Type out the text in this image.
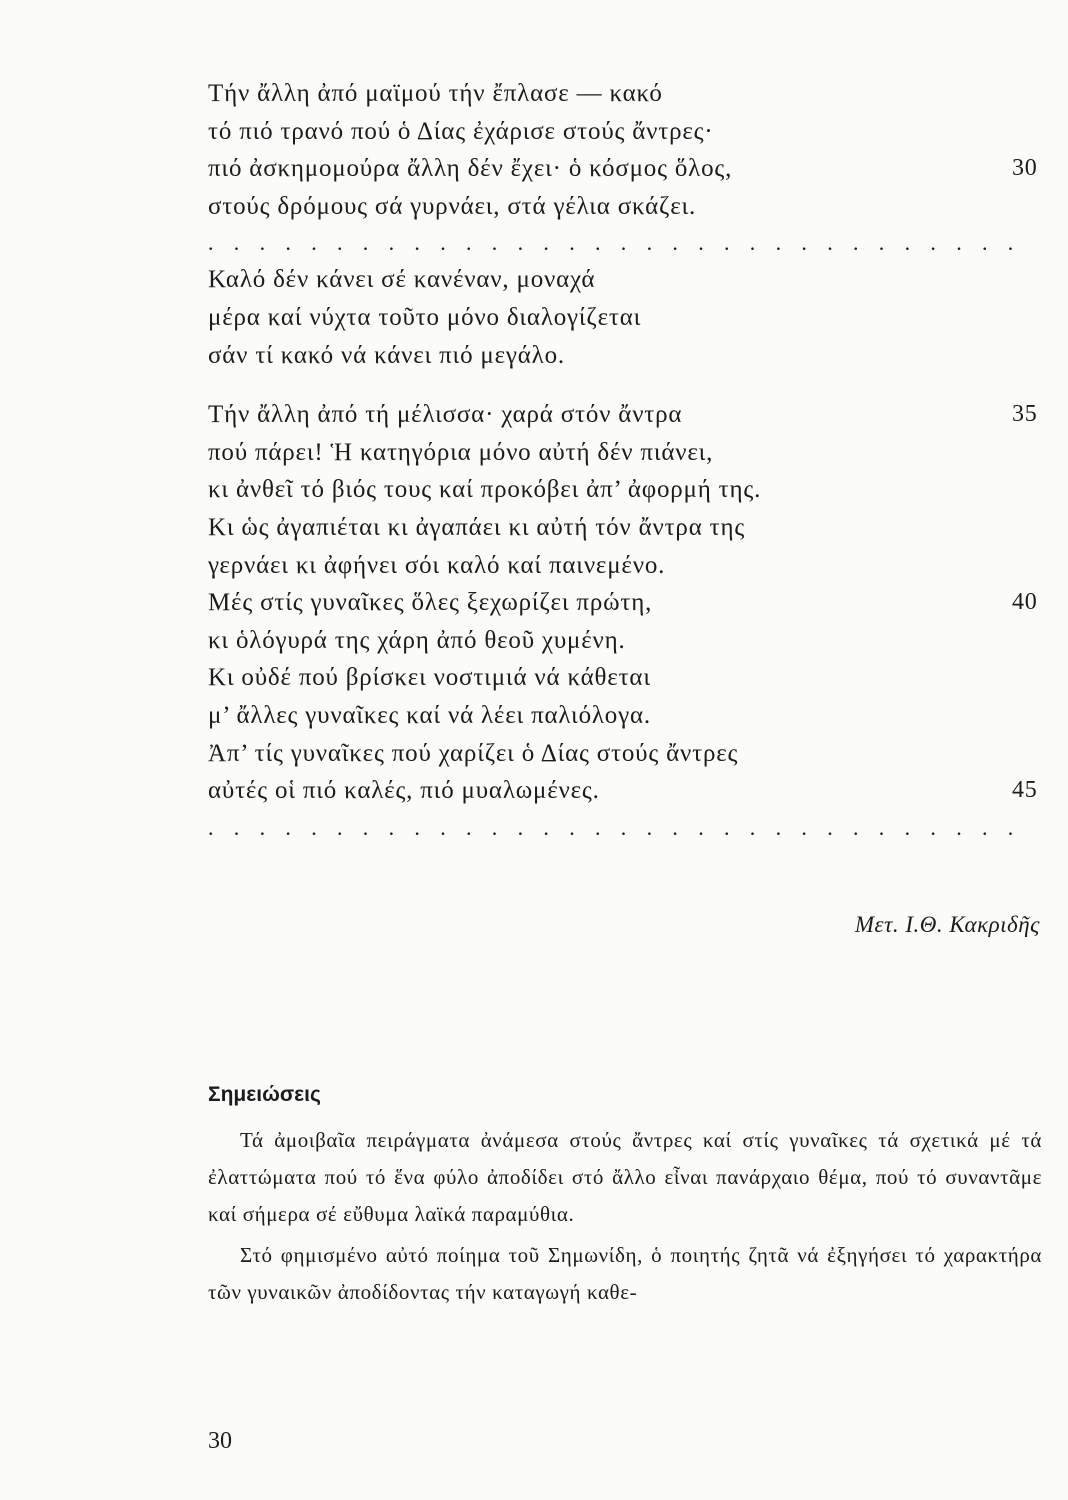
Τήν ἄλλη ἀπό μαϊμού τήν ἔπλασε — κακό
τό πιό τρανό πού ὁ Δίας ἐχάρισε στούς ἄντρες·
πιό ἀσκημομούρα ἄλλη δέν ἔχει· ὁ κόσμος ὅλος,	30
στούς δρόμους σά γυρνάει, στά γέλια σκάζει.
. . . . . . . . . . . . . . . . . . . . . . . . . . . . . . . .
Καλό δέν κάνει σέ κανέναν, μοναχά
μέρα καί νύχτα τοῦτο μόνο διαλογίζεται
σάν τί κακό νά κάνει πιό μεγάλο.
Τήν ἄλλη ἀπό τή μέλισσα· χαρά στόν ἄντρα	35
πού πάρει! Ἡ κατηγόρια μόνο αὐτή δέν πιάνει,
κι ἀνθεῖ τό βιός τους καί προκόβει ἀπ’ ἀφορμή της.
Κι ὡς ἀγαπιέται κι ἀγαπάει κι αὐτή τόν ἄντρα της
γερνάει κι ἀφήνει σόι καλό καί παινεμένο.
Μές στίς γυναῖκες ὅλες ξεχωρίζει πρώτη,	40
κι ὁλόγυρά της χάρη ἀπό θεοῦ χυμένη.
Κι οὐδέ πού βρίσκει νοστιμιά νά κάθεται
μ’ ἄλλες γυναῖκες καί νά λέει παλιόλογα.
Ἀπ’ τίς γυναῖκες πού χαρίζει ὁ Δίας στούς ἄντρες
αὐτές οἱ πιό καλές, πιό μυαλωμένες.	45
. . . . . . . . . . . . . . . . . . . . . . . . . . . . . . . .
Μετ. Ι.Θ. Κακριδῆς
Σημειώσεις

Τά ἀμοιβαῖα πειράγματα ἀνάμεσα στούς ἄντρες καί στίς γυναῖκες τά σχετικά μέ τά ἐλαττώματα πού τό ἕνα φύλο ἀποδίδει στό ἄλλο εἶναι πανάρχαιο θέμα, πού τό συναντᾶμε καί σήμερα σέ εὔθυμα λαϊκά παραμύθια.

Στό φημισμένο αὐτό ποίημα τοῦ Σημωνίδη, ὁ ποιητής ζητᾶ νά ἐξηγήσει τό χαρακτήρα τῶν γυναικῶν ἀποδίδοντας τήν καταγωγή καθε-

30
